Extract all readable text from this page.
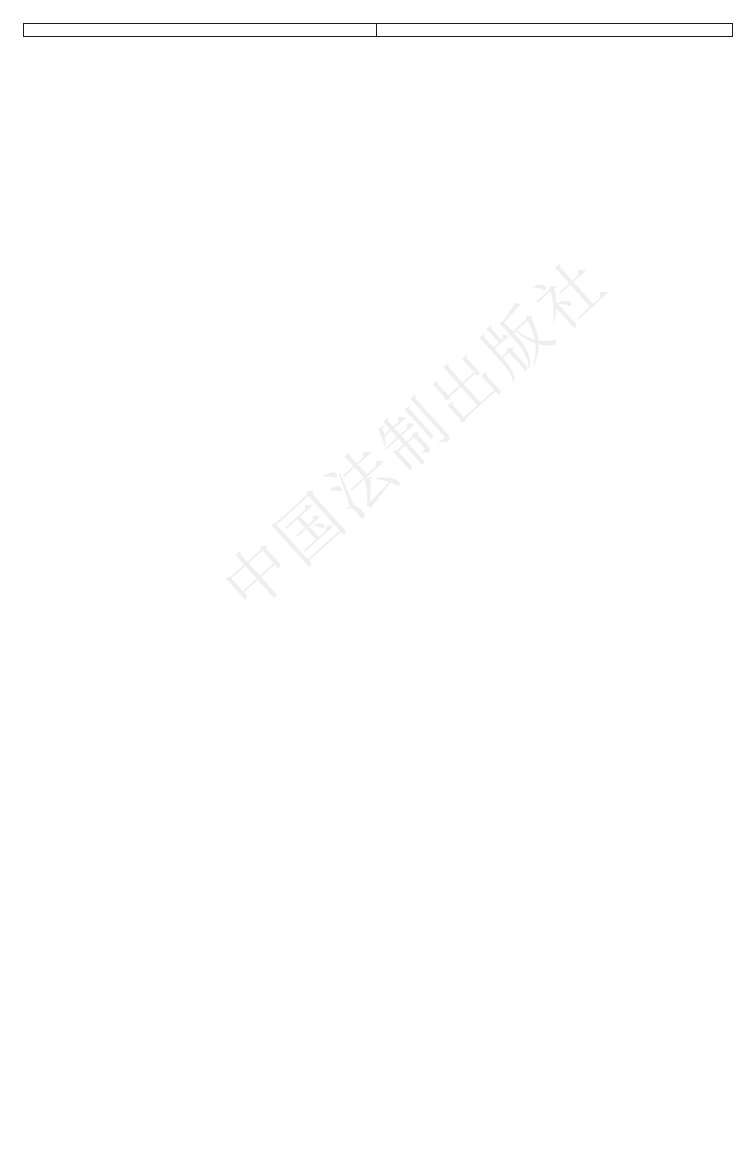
中国法制出版社
